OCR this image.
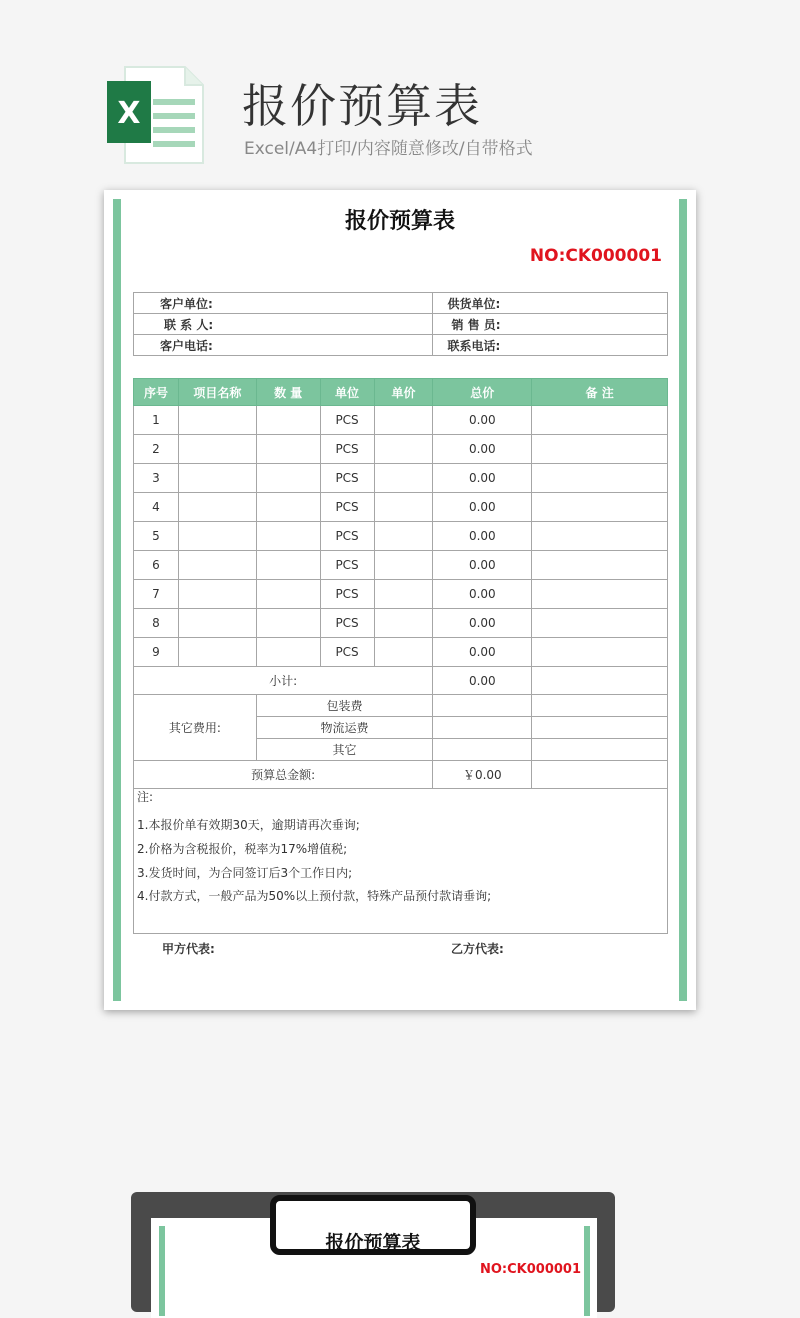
X 报价预算表
Excel/A4打印/内容随意修改/自带格式
报价预算表
NO:CK000001
客户单位:	供货单位:
联 系 人:	销 售 员:
客户电话:	联系电话:
序号	项目名称	数 量	单位	单价	总价	备 注
1			PCS		0.00	
2			PCS		0.00	
3			PCS		0.00	
4			PCS		0.00	
5			PCS		0.00	
6			PCS		0.00	
7			PCS		0.00	
8			PCS		0.00	
9			PCS		0.00	
小计:					0.00	
其它费用:		包装费				
		物流运费				
		其它				
预算总金额:					￥0.00	
注:
1.本报价单有效期30天，逾期请再次垂询;
2.价格为含税报价，税率为17%增值税;
3.发货时间，为合同签订后3个工作日内;
4.付款方式，一般产品为50%以上预付款，特殊产品预付款请垂询;
甲方代表:	乙方代表:
报价预算表
NO:CK000001
